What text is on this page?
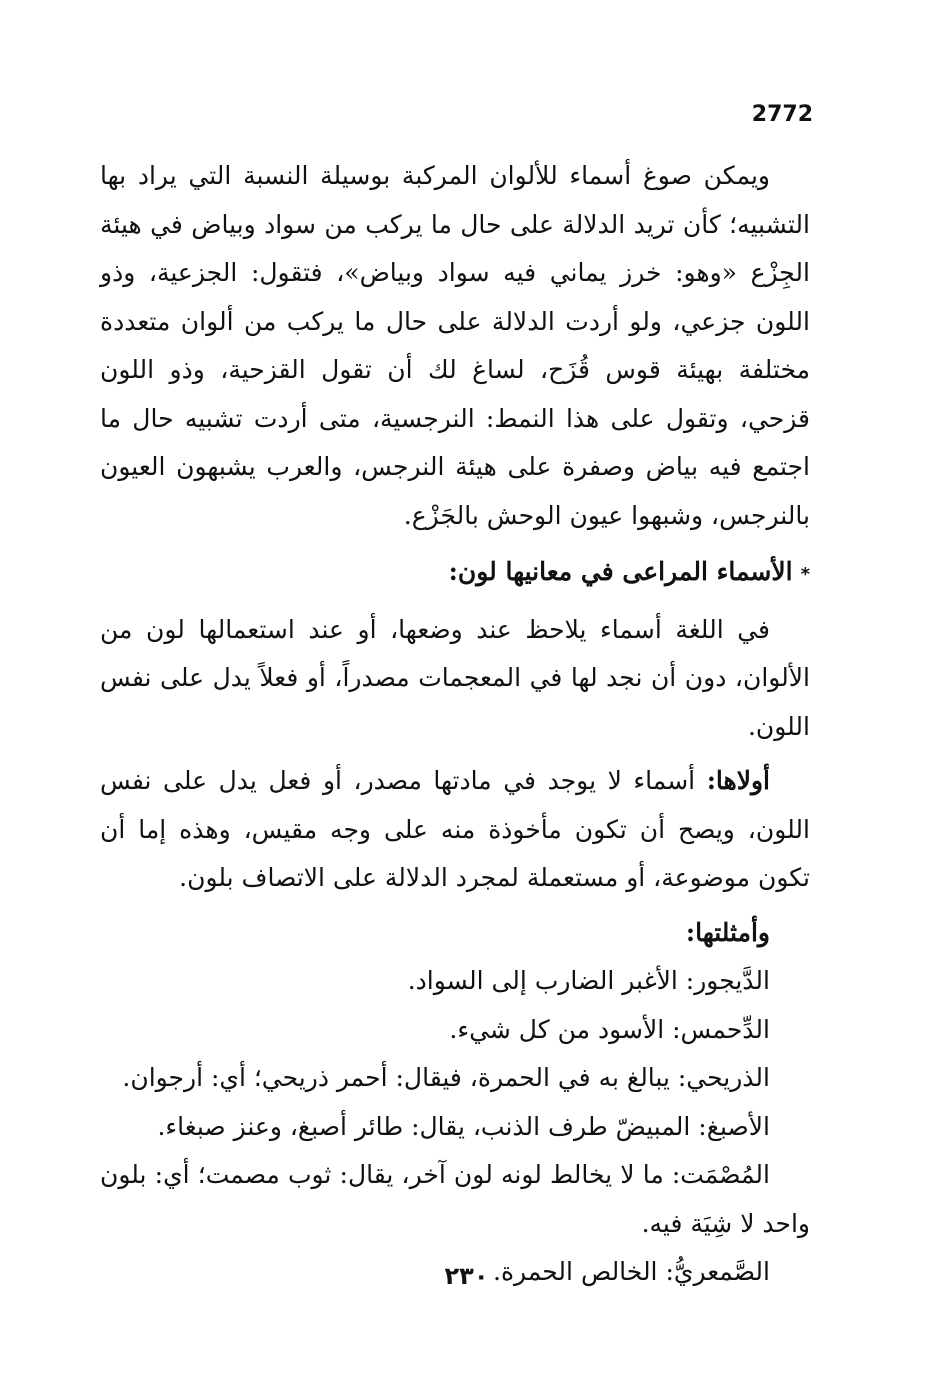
2772

ويمكن صوغ أسماء للألوان المركبة بوسيلة النسبة التي يراد بها التشبيه؛ كأن تريد الدلالة على حال ما يركب من سواد وبياض في هيئة الجِزْع «وهو: خرز يماني فيه سواد وبياض»، فتقول: الجزعية، وذو اللون جزعي، ولو أردت الدلالة على حال ما يركب من ألوان متعددة مختلفة بهيئة قوس قُزَح، لساغ لك أن تقول القزحية، وذو اللون قزحي، وتقول على هذا النمط: النرجسية، متى أردت تشبيه حال ما اجتمع فيه بياض وصفرة على هيئة النرجس، والعرب يشبهون العيون بالنرجس، وشبهوا عيون الوحش بالجَزْع.

*الأسماء المراعى في معانيها لون:

في اللغة أسماء يلاحظ عند وضعها، أو عند استعمالها لون من الألوان، دون أن نجد لها في المعجمات مصدراً، أو فعلاً يدل على نفس اللون.

أولاها: أسماء لا يوجد في مادتها مصدر، أو فعل يدل على نفس اللون، ويصح أن تكون مأخوذة منه على وجه مقيس، وهذه إما أن تكون موضوعة، أو مستعملة لمجرد الدلالة على الاتصاف بلون.

وأمثلتها:

الدَّيجور: الأغبر الضارب إلى السواد.
الدِّحمس: الأسود من كل شيء.
الذريحي: يبالغ به في الحمرة، فيقال: أحمر ذريحي؛ أي: أرجوان.
الأصبغ: المبيضّ طرف الذنب، يقال: طائر أصبغ، وعنز صبغاء.
المُصْمَت: ما لا يخالط لونه لون آخر، يقال: ثوب مصمت؛ أي: بلون واحد لا شِيَة فيه.
الصَّمعريُّ: الخالص الحمرة.
٢٣٠
